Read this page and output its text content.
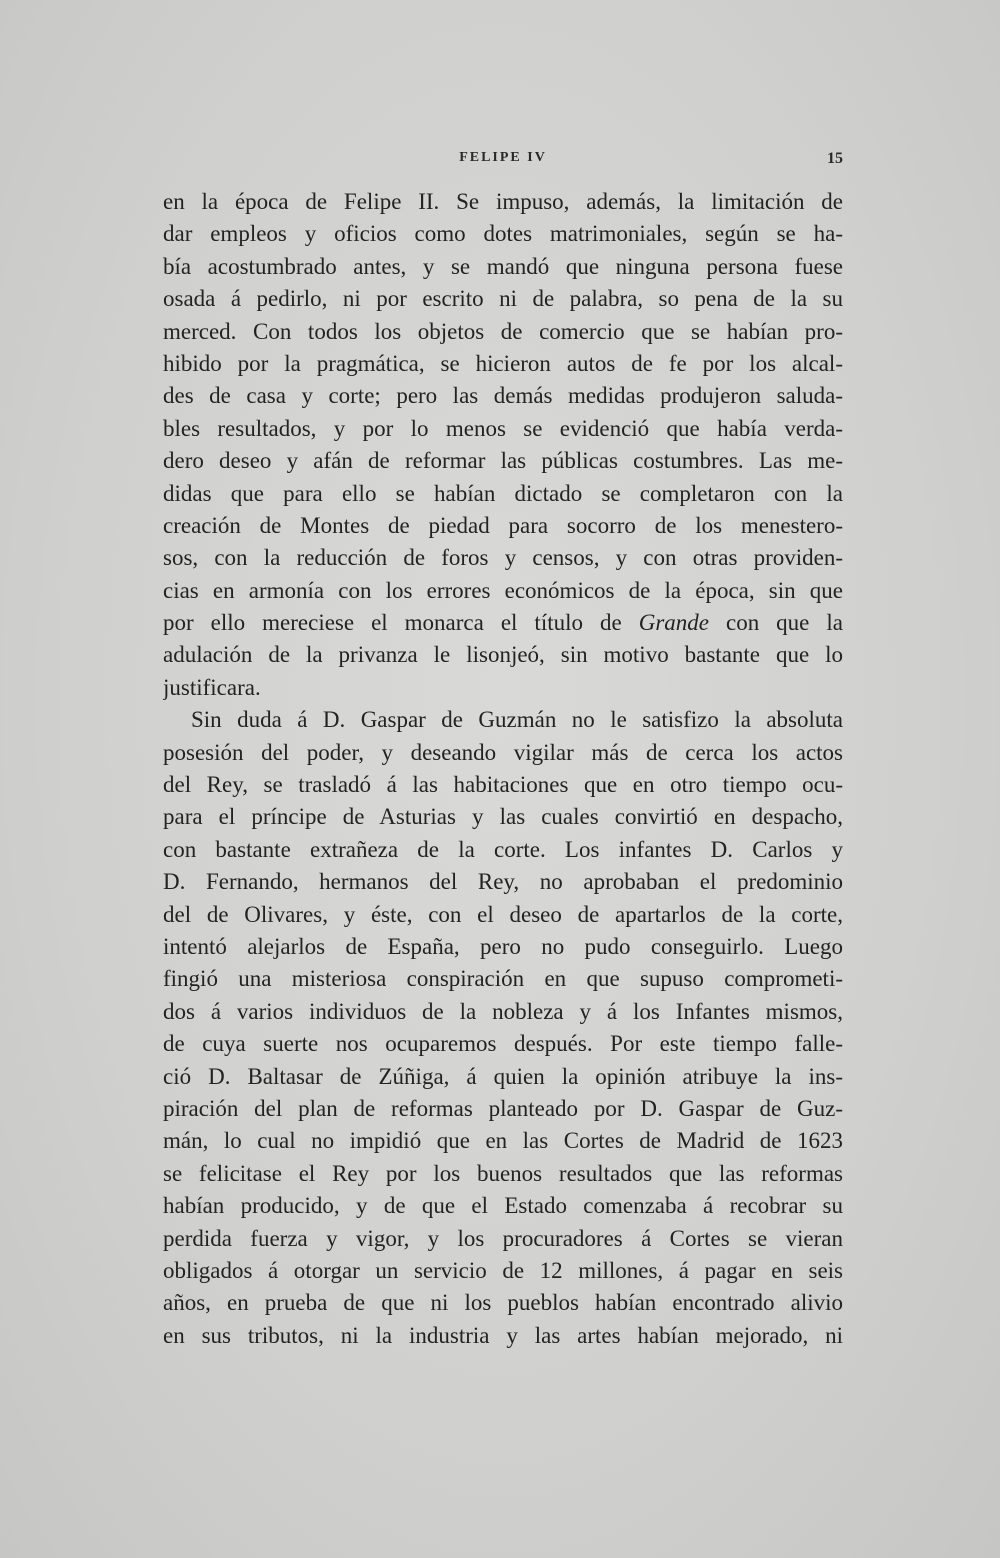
FELIPE IV	15
en la época de Felipe II. Se impuso, además, la limitación de
dar empleos y oficios como dotes matrimoniales, según se ha-
bía acostumbrado antes, y se mandó que ninguna persona fuese
osada á pedirlo, ni por escrito ni de palabra, so pena de la su
merced. Con todos los objetos de comercio que se habían pro-
hibido por la pragmática, se hicieron autos de fe por los alcal-
des de casa y corte; pero las demás medidas produjeron saluda-
bles resultados, y por lo menos se evidenció que había verda-
dero deseo y afán de reformar las públicas costumbres. Las me-
didas que para ello se habían dictado se completaron con la
creación de Montes de piedad para socorro de los menestero-
sos, con la reducción de foros y censos, y con otras providen-
cias en armonía con los errores económicos de la época, sin que
por ello mereciese el monarca el título de Grande con que la
adulación de la privanza le lisonjeó, sin motivo bastante que lo
justificara.
Sin duda á D. Gaspar de Guzmán no le satisfizo la absoluta
posesión del poder, y deseando vigilar más de cerca los actos
del Rey, se trasladó á las habitaciones que en otro tiempo ocu-
para el príncipe de Asturias y las cuales convirtió en despacho,
con bastante extrañeza de la corte. Los infantes D. Carlos y
D. Fernando, hermanos del Rey, no aprobaban el predominio
del de Olivares, y éste, con el deseo de apartarlos de la corte,
intentó alejarlos de España, pero no pudo conseguirlo. Luego
fingió una misteriosa conspiración en que supuso comprometi-
dos á varios individuos de la nobleza y á los Infantes mismos,
de cuya suerte nos ocuparemos después. Por este tiempo falle-
ció D. Baltasar de Zúñiga, á quien la opinión atribuye la ins-
piración del plan de reformas planteado por D. Gaspar de Guz-
mán, lo cual no impidió que en las Cortes de Madrid de 1623
se felicitase el Rey por los buenos resultados que las reformas
habían producido, y de que el Estado comenzaba á recobrar su
perdida fuerza y vigor, y los procuradores á Cortes se vieran
obligados á otorgar un servicio de 12 millones, á pagar en seis
años, en prueba de que ni los pueblos habían encontrado alivio
en sus tributos, ni la industria y las artes habían mejorado, ni
